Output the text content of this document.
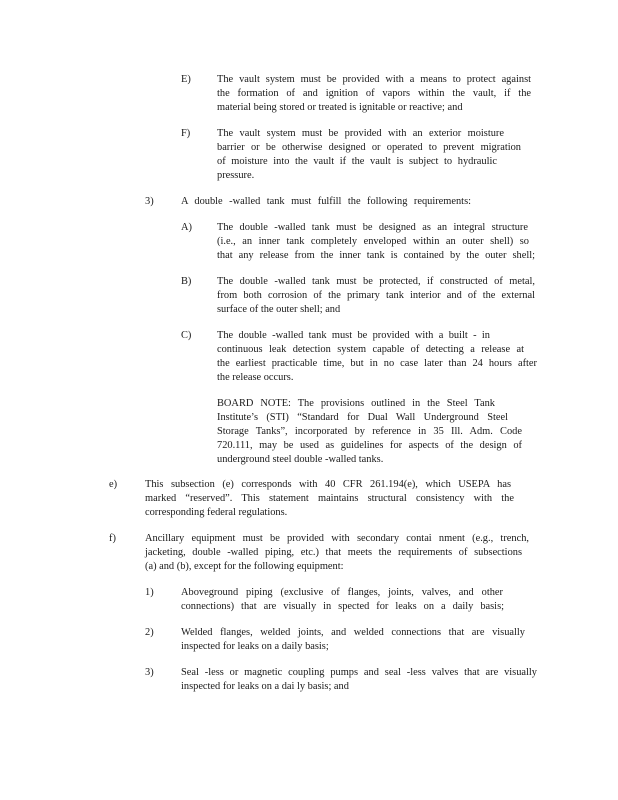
E)	The vault system must be provided with a means to protect against
the formation of and ignition of vapors within the vault, if the
material being stored or treated is ignitable or reactive; and
F)	The vault system must be provided with an exterior moisture
barrier or be otherwise designed or operated to prevent migration
of moisture into the vault if the vault is subject to hydraulic
pressure.
3)	A double -walled tank must fulfill the following requirements:
A) The double -walled tank must be designed as an integral structure
(i.e., an inner tank completely enveloped within an outer shell) so
that any release from the inner tank is contained by the outer shell;
B) The double -walled tank must be protected, if constructed of metal,
from both corrosion of the primary tank interior and of the external
surface of the outer shell; and
C) The double -walled tank must be provided with a built - in
continuous leak detection system capable of detecting a release at
the earliest practicable time, but in no case later than 24 hours after
the release occurs.
BOARD NOTE: The provisions outlined in the Steel Tank
Institute’s (STI) “Standard for Dual Wall Underground Steel
Storage Tanks”, incorporated by reference in 35 Ill. Adm. Code
720.111, may be used as guidelines for aspects of the design of
underground steel double -walled tanks.
e)	This subsection (e) corresponds with 40 CFR 261.194(e), which USEPA has
marked “reserved”. This statement maintains structural consistency with the
corresponding federal regulations.
f)	Ancillary equipment must be provided with secondary contai nment (e.g., trench,
jacketing, double -walled piping, etc.) that meets the requirements of subsections
(a) and (b), except for the following equipment:
1)	Aboveground piping (exclusive of flanges, joints, valves, and other
connections) that are visually in spected for leaks on a daily basis;
2)	Welded flanges, welded joints, and welded connections that are visually
inspected for leaks on a daily basis;
3)	Seal -less or magnetic coupling pumps and seal -less valves that are visually
inspected for leaks on a dai ly basis; and
